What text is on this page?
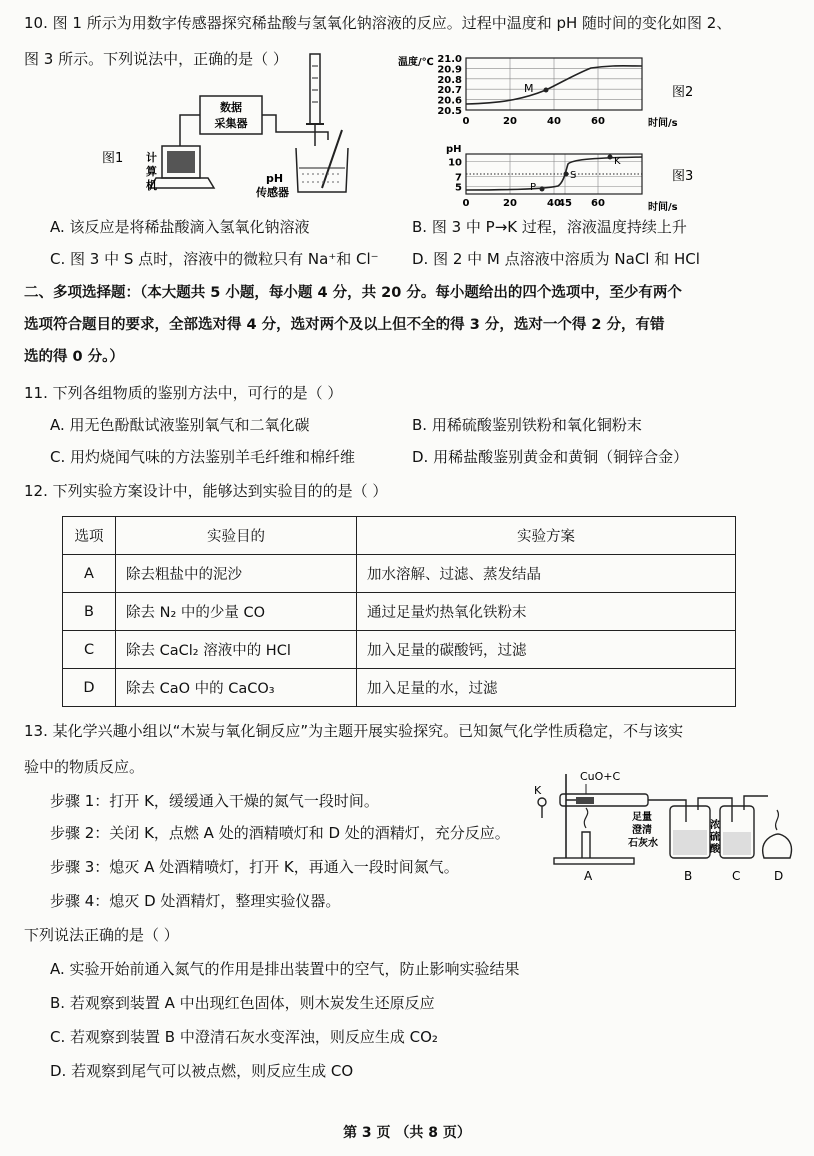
10. 图 1 所示为用数字传感器探究稀盐酸与氢氧化钠溶液的反应。过程中温度和 pH 随时间的变化如图 2、
图 3 所示。下列说法中，正确的是（ ）
图1
数据
采集器
计
算
机
pH
传感器
温度/℃ 21.0
20.9
20.8
20.7
20.6
20.5
M
0	20	40	60	时间/s
图2
pH
10
7
5	P
S
K
0	20	40
45 60	时间/s
图3
A. 该反应是将稀盐酸滴入氢氧化钠溶液	B. 图 3 中 P→K 过程，溶液温度持续上升
C. 图 3 中 S 点时，溶液中的微粒只有 Na⁺和 Cl⁻ D. 图 2 中 M 点溶液中溶质为 NaCl 和 HCl
二、多项选择题：（本大题共 5 小题，每小题 4 分，共 20 分。每小题给出的四个选项中，至少有两个
选项符合题目的要求，全部选对得 4 分，选对两个及以上但不全的得 3 分，选对一个得 2 分，有错
选的得 0 分。）
11. 下列各组物质的鉴别方法中，可行的是（ ）
A. 用无色酚酞试液鉴别氧气和二氧化碳	B. 用稀硫酸鉴别铁粉和氧化铜粉末
C. 用灼烧闻气味的方法鉴别羊毛纤维和棉纤维	D. 用稀盐酸鉴别黄金和黄铜（铜锌合金）
12. 下列实验方案设计中，能够达到实验目的的是（ ）
选项	实验目的	实验方案
A	除去粗盐中的泥沙	加水溶解、过滤、蒸发结晶
B	除去 N₂ 中的少量 CO	通过足量灼热氧化铁粉末
C	除去 CaCl₂ 溶液中的 HCl	加入足量的碳酸钙，过滤
D	除去 CaO 中的 CaCO₃	加入足量的水，过滤
13. 某化学兴趣小组以“木炭与氧化铜反应”为主题开展实验探究。已知氮气化学性质稳定，不与该实
验中的物质反应。
步骤 1：打开 K，缓缓通入干燥的氮气一段时间。
步骤 2：关闭 K，点燃 A 处的酒精喷灯和 D 处的酒精灯，充分反应。
步骤 3：熄灭 A 处酒精喷灯，打开 K，再通入一段时间氮气。
步骤 4：熄灭 D 处酒精灯，整理实验仪器。
K
CuO+C
足量
澄清
石灰水
浓
硫
酸
A	B	C	D
下列说法正确的是（ ）
A. 实验开始前通入氮气的作用是排出装置中的空气，防止影响实验结果
B. 若观察到装置 A 中出现红色固体，则木炭发生还原反应
C. 若观察到装置 B 中澄清石灰水变浑浊，则反应生成 CO₂
D. 若观察到尾气可以被点燃，则反应生成 CO
第 3 页 （共 8 页）
